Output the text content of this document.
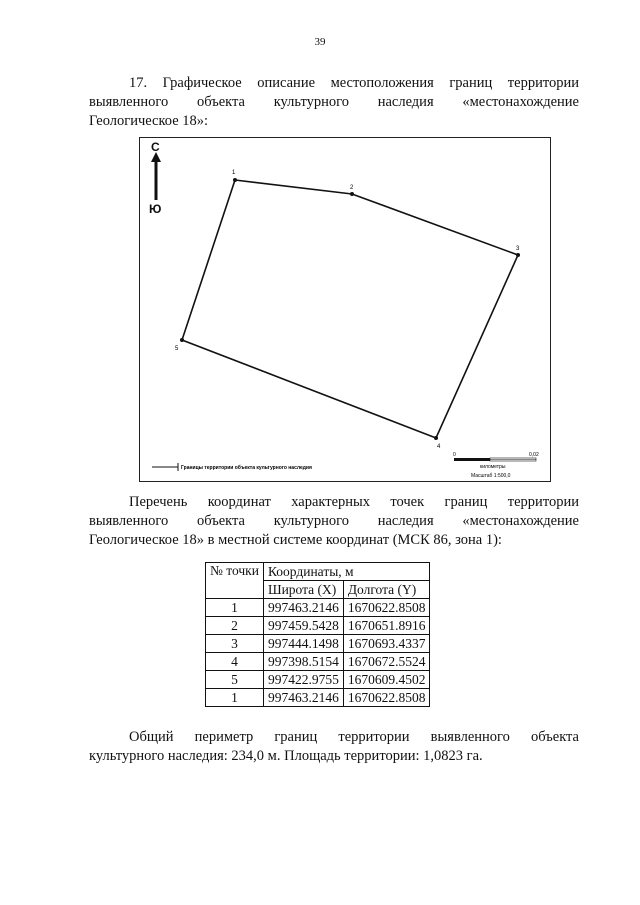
39
17. Графическое описание местоположения границ территории
выявленного объекта культурного наследия «местонахождение
Геологическое 18»:
С
Ю
1
2
3
4
5
0	0,02
километры
Масштаб 1:500,0
Границы территории объекта культурного наследия
Перечень координат характерных точек границ территории
выявленного объекта культурного наследия «местонахождение
Геологическое 18» в местной системе координат (МСК 86, зона 1):
№ точки	Координаты, м	
	Широта (X)	Долгота (Y)
1	997463.2146	1670622.8508
2	997459.5428	1670651.8916
3	997444.1498	1670693.4337
4	997398.5154	1670672.5524
5	997422.9755	1670609.4502
1	997463.2146	1670622.8508
Общий периметр границ территории выявленного объекта
культурного наследия: 234,0 м. Площадь территории: 1,0823 га.
